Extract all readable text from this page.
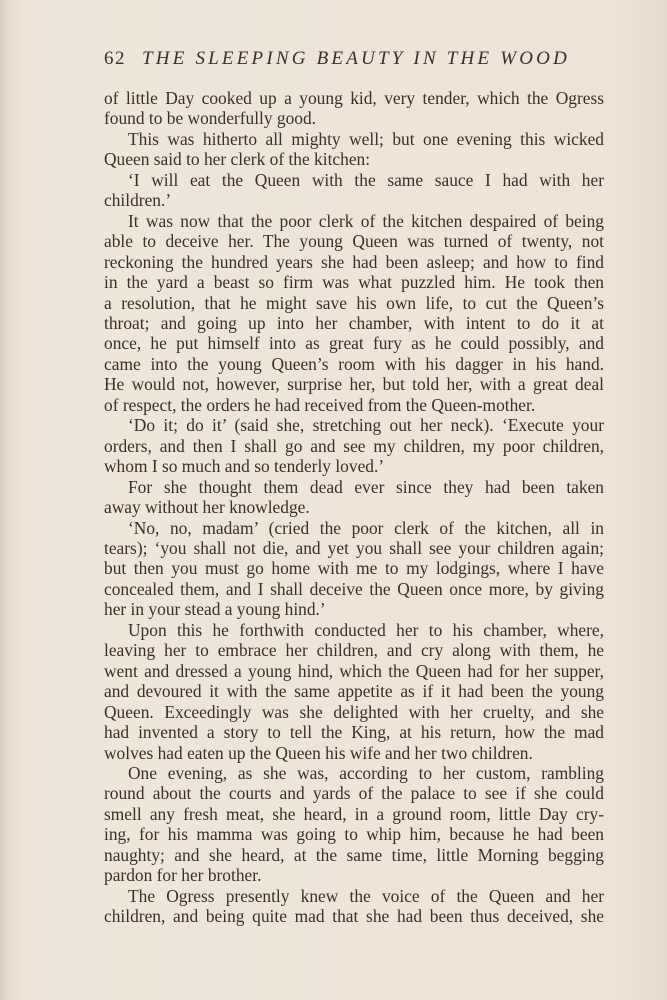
62 THE SLEEPING BEAUTY IN THE WOOD
of little Day cooked up a young kid, very tender, which the Ogress
found to be wonderfully good.
This was hitherto all mighty well; but one evening this wicked
Queen said to her clerk of the kitchen:
‘I will eat the Queen with the same sauce I had with her
children.’
It was now that the poor clerk of the kitchen despaired of being
able to deceive her. The young Queen was turned of twenty, not
reckoning the hundred years she had been asleep; and how to find
in the yard a beast so firm was what puzzled him. He took then
a resolution, that he might save his own life, to cut the Queen’s
throat; and going up into her chamber, with intent to do it at
once, he put himself into as great fury as he could possibly, and
came into the young Queen’s room with his dagger in his hand.
He would not, however, surprise her, but told her, with a great deal
of respect, the orders he had received from the Queen-mother.
‘Do it; do it’ (said she, stretching out her neck). ‘Execute your
orders, and then I shall go and see my children, my poor children,
whom I so much and so tenderly loved.’
For she thought them dead ever since they had been taken
away without her knowledge.
‘No, no, madam’ (cried the poor clerk of the kitchen, all in
tears); ‘you shall not die, and yet you shall see your children again;
but then you must go home with me to my lodgings, where I have
concealed them, and I shall deceive the Queen once more, by giving
her in your stead a young hind.’
Upon this he forthwith conducted her to his chamber, where,
leaving her to embrace her children, and cry along with them, he
went and dressed a young hind, which the Queen had for her supper,
and devoured it with the same appetite as if it had been the young
Queen. Exceedingly was she delighted with her cruelty, and she
had invented a story to tell the King, at his return, how the mad
wolves had eaten up the Queen his wife and her two children.
One evening, as she was, according to her custom, rambling
round about the courts and yards of the palace to see if she could
smell any fresh meat, she heard, in a ground room, little Day cry-
ing, for his mamma was going to whip him, because he had been
naughty; and she heard, at the same time, little Morning begging
pardon for her brother.
The Ogress presently knew the voice of the Queen and her
children, and being quite mad that she had been thus deceived, she
